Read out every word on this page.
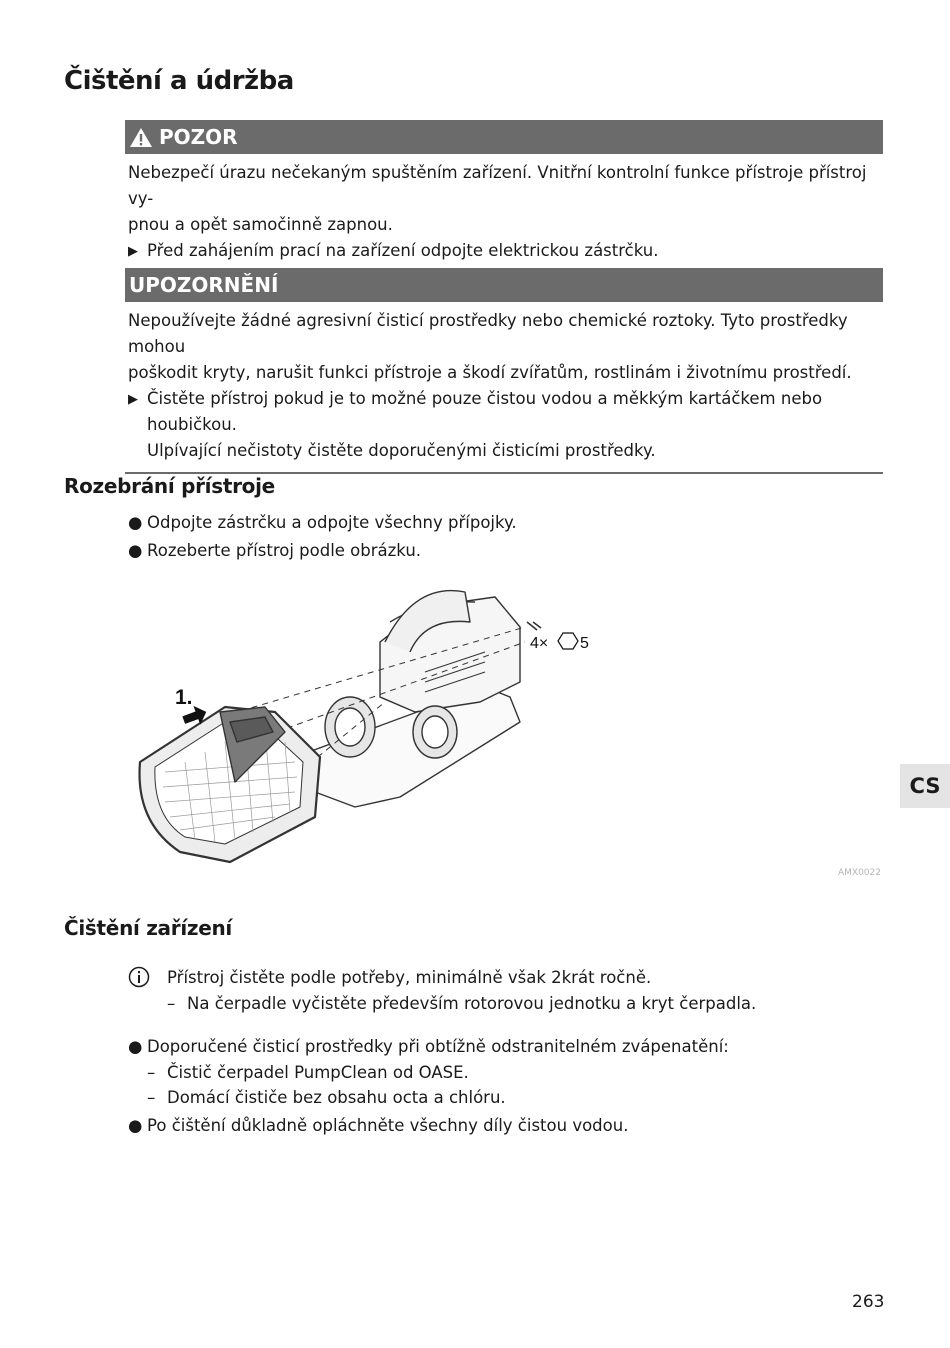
Čištění a údržba
POZOR

Nebezpečí úrazu nečekaným spuštěním zařízení. Vnitřní kontrolní funkce přístroje přístroj vy-

pnou a opět samočinně zapnou.

▶ Před zahájením prací na zařízení odpojte elektrickou zástrčku.
UPOZORNĚNÍ

Nepoužívejte žádné agresivní čisticí prostředky nebo chemické roztoky. Tyto prostředky mohou

poškodit kryty, narušit funkci přístroje a škodí zvířatům, rostlinám i životnímu prostředí.

▶ Čistěte přístroj pokud je to možné pouze čistou vodou a měkkým kartáčkem nebo houbičkou.
Ulpívající nečistoty čistěte doporučenými čisticími prostředky.
Rozebrání přístroje
● Odpojte zástrčku a odpojte všechny přípojky.
● Rozeberte přístroj podle obrázku.
1.
4× 5
AMX0022
Čištění zařízení
Přístroj čistěte podle potřeby, minimálně však 2krát ročně.
– Na čerpadle vyčistěte především rotorovou jednotku a kryt čerpadla.
● Doporučené čisticí prostředky při obtížně odstranitelném zvápenatění:
– Čistič čerpadel PumpClean od OASE.
– Domácí čističe bez obsahu octa a chlóru.
● Po čištění důkladně opláchněte všechny díly čistou vodou.
CS
263
